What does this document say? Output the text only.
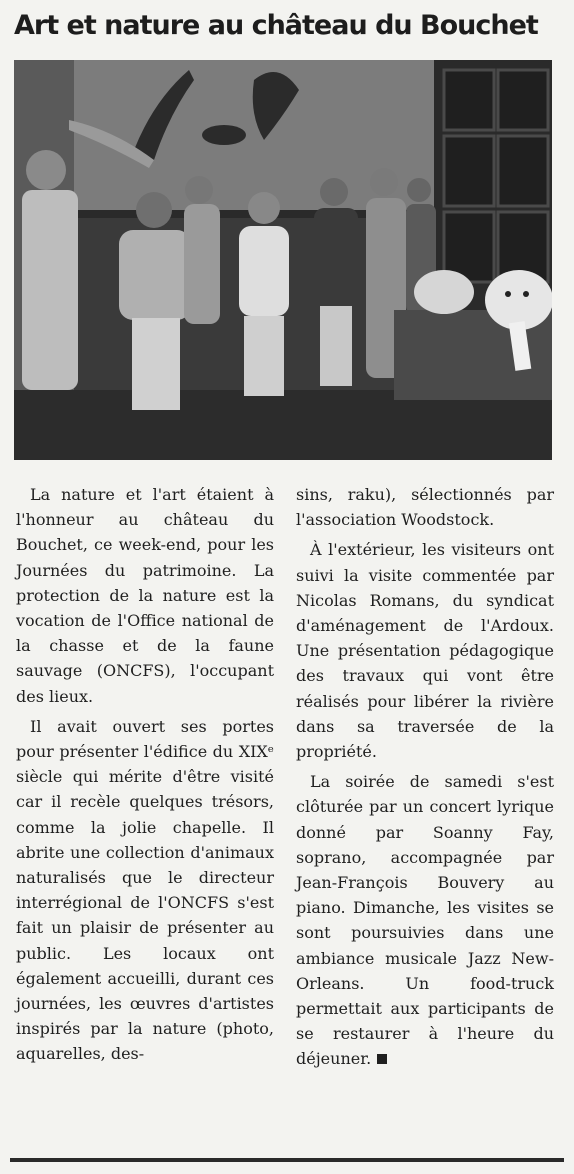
Art et nature au château du Bouchet

La nature et l'art étaient à l'honneur au château du Bouchet, ce week-end, pour les Journées du patrimoine. La protection de la nature est la vocation de l'Office national de la chasse et de la faune sauvage (ONCFS), l'occupant des lieux.

Il avait ouvert ses portes pour présenter l'édifice du XIXᵉ siècle qui mérite d'être visité car il recèle quelques trésors, comme la jolie chapelle. Il abrite une collection d'animaux naturalisés que le directeur interrégional de l'ONCFS s'est fait un plaisir de présenter au public. Les locaux ont également accueilli, durant ces journées, les œuvres d'artistes inspirés par la nature (photo, aquarelles, des-

sins, raku), sélectionnés par l'association Woodstock.

À l'extérieur, les visiteurs ont suivi la visite commentée par Nicolas Romans, du syndicat d'aménagement de l'Ardoux. Une présentation pédagogique des travaux qui vont être réalisés pour libérer la rivière dans sa traversée de la propriété.

La soirée de samedi s'est clôturée par un concert lyrique donné par Soanny Fay, soprano, accompagnée par Jean-François Bouvery au piano. Dimanche, les visites se sont poursuivies dans une ambiance musicale Jazz New-Orleans. Un food-truck permettait aux participants de se restaurer à l'heure du déjeuner.
